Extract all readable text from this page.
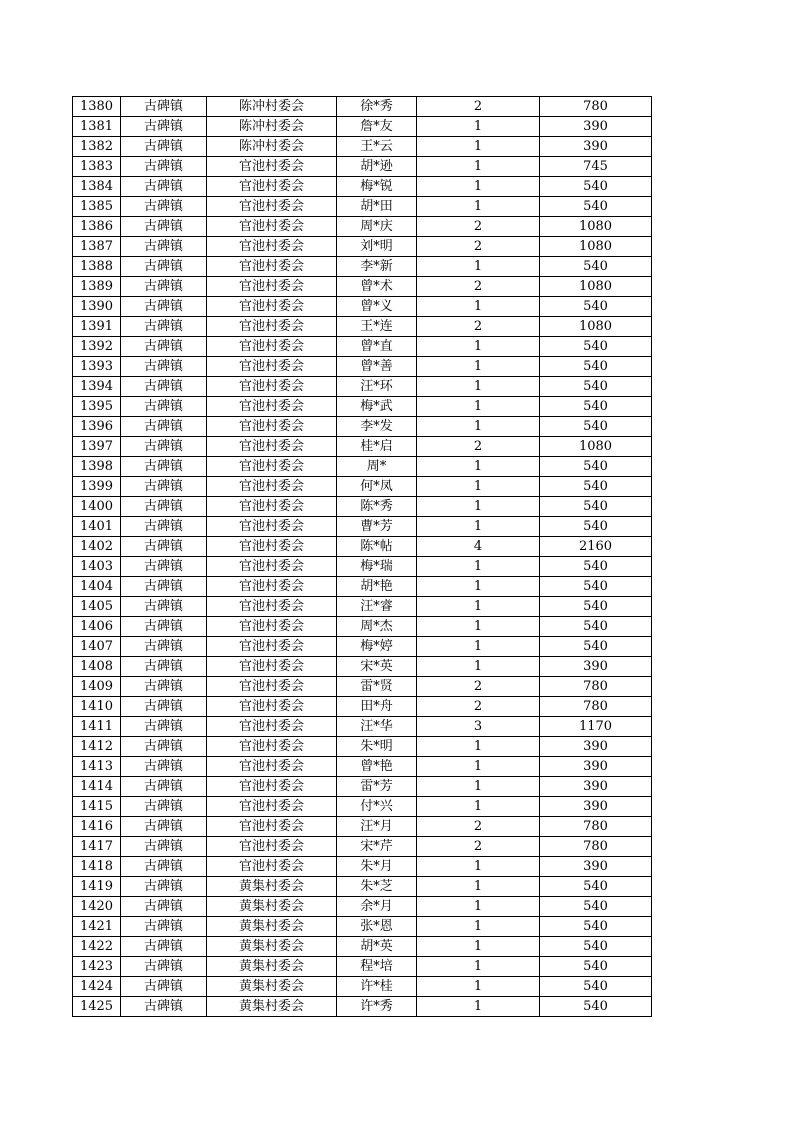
1380	古碑镇	陈冲村委会	徐*秀	2	780
1381	古碑镇	陈冲村委会	詹*友	1	390
1382	古碑镇	陈冲村委会	王*云	1	390
1383	古碑镇	官池村委会	胡*逊	1	745
1384	古碑镇	官池村委会	梅*锐	1	540
1385	古碑镇	官池村委会	胡*田	1	540
1386	古碑镇	官池村委会	周*庆	2	1080
1387	古碑镇	官池村委会	刘*明	2	1080
1388	古碑镇	官池村委会	李*新	1	540
1389	古碑镇	官池村委会	曾*术	2	1080
1390	古碑镇	官池村委会	曾*义	1	540
1391	古碑镇	官池村委会	王*连	2	1080
1392	古碑镇	官池村委会	曾*直	1	540
1393	古碑镇	官池村委会	曾*善	1	540
1394	古碑镇	官池村委会	汪*环	1	540
1395	古碑镇	官池村委会	梅*武	1	540
1396	古碑镇	官池村委会	李*发	1	540
1397	古碑镇	官池村委会	桂*启	2	1080
1398	古碑镇	官池村委会	周*	1	540
1399	古碑镇	官池村委会	何*凤	1	540
1400	古碑镇	官池村委会	陈*秀	1	540
1401	古碑镇	官池村委会	曹*芳	1	540
1402	古碑镇	官池村委会	陈*帖	4	2160
1403	古碑镇	官池村委会	梅*瑞	1	540
1404	古碑镇	官池村委会	胡*艳	1	540
1405	古碑镇	官池村委会	汪*睿	1	540
1406	古碑镇	官池村委会	周*杰	1	540
1407	古碑镇	官池村委会	梅*婷	1	540
1408	古碑镇	官池村委会	宋*英	1	390
1409	古碑镇	官池村委会	雷*贤	2	780
1410	古碑镇	官池村委会	田*舟	2	780
1411	古碑镇	官池村委会	汪*华	3	1170
1412	古碑镇	官池村委会	朱*明	1	390
1413	古碑镇	官池村委会	曾*艳	1	390
1414	古碑镇	官池村委会	雷*芳	1	390
1415	古碑镇	官池村委会	付*兴	1	390
1416	古碑镇	官池村委会	汪*月	2	780
1417	古碑镇	官池村委会	宋*芹	2	780
1418	古碑镇	官池村委会	朱*月	1	390
1419	古碑镇	黄集村委会	朱*芝	1	540
1420	古碑镇	黄集村委会	余*月	1	540
1421	古碑镇	黄集村委会	张*恩	1	540
1422	古碑镇	黄集村委会	胡*英	1	540
1423	古碑镇	黄集村委会	程*培	1	540
1424	古碑镇	黄集村委会	许*桂	1	540
1425	古碑镇	黄集村委会	许*秀	1	540
